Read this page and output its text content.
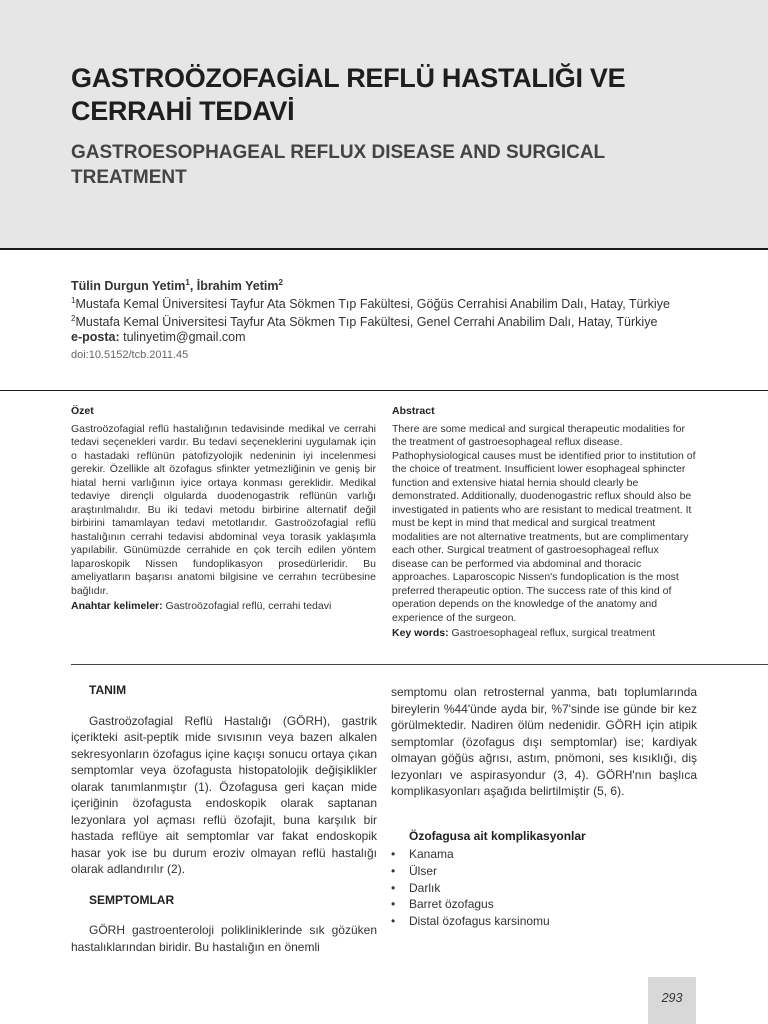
GASTROÖZOFAGİAL REFLÜ HASTALIĞI VE CERRAHİ TEDAVİ
GASTROESOPHAGEAL REFLUX DISEASE AND SURGICAL TREATMENT
Tülin Durgun Yetim$^1$, İbrahim Yetim$^2$
$^1$Mustafa Kemal Üniversitesi Tayfur Ata Sökmen Tıp Fakültesi, Göğüs Cerrahisi Anabilim Dalı, Hatay, Türkiye
$^2$Mustafa Kemal Üniversitesi Tayfur Ata Sökmen Tıp Fakültesi, Genel Cerrahi Anabilim Dalı, Hatay, Türkiye
e-posta: tulinyetim@gmail.com
doi:10.5152/tcb.2011.45
Özet

Gastroözofagial reflü hastalığının tedavisinde medikal ve cerrahi tedavi seçenekleri vardır. Bu tedavi seçeneklerini uygulamak için o hastadaki reflünün patofizyolojik nedeninin iyi incelenmesi gerekir. Özellikle alt özofagus sfinkter yetmezliğinin ve geniş bir hiatal herni varlığının iyice ortaya konması gereklidir. Medikal tedaviye dirençli olgularda duodenogastrik reflünün varlığı araştırılmalıdır. Bu iki tedavi metodu birbirine alternatif değil birbirini tamamlayan tedavi metotlarıdır. Gastroözofagial reflü hastalığının cerrahi tedavisi abdominal veya torasik yaklaşımla yapılabilir. Günümüzde cerrahide en çok tercih edilen yöntem laparoskopik Nissen fundoplikasyon prosedürleridir. Bu ameliyatların başarısı anatomi bilgisine ve cerrahın tecrübesine bağlıdır.

Anahtar kelimeler: Gastroözofagial reflü, cerrahi tedavi
Abstract

There are some medical and surgical therapeutic modalities for the treatment of gastroesophageal reflux disease. Pathophysiological causes must be identified prior to institution of the choice of treatment. Insufficient lower esophageal sphincter function and extensive hiatal hernia should clearly be demonstrated. Additionally, duodenogastric reflux should also be investigated in patients who are resistant to medical treatment. It must be kept in mind that medical and surgical treatment modalities are not alternative treatments, but are complimentary each other. Surgical treatment of gastroesophageal reflux disease can be performed via abdominal and thoracic approaches. Laparoscopic Nissen's fundoplication is the most preferred therapeutic option. The success rate of this kind of operation depends on the knowledge of the anatomy and experience of the surgeon.

Key words: Gastroesophageal reflux, surgical treatment
TANIM

Gastroözofagial Reflü Hastalığı (GÖRH), gastrik içerikteki asit-peptik mide sıvısının veya bazen alkalen sekresyonların özofagus içine kaçışı sonucu ortaya çıkan semptomlar veya özofagusta histopatolojik değişiklikler olarak tanımlanmıştır (1). Özofagusa geri kaçan mide içeriğinin özofagusta endoskopik olarak saptanan lezyonlara yol açması reflü özofajit, buna karşılık bir hastada reflüye ait semptomlar var fakat endoskopik hasar yok ise bu durum eroziv olmayan reflü hastalığı olarak adlandırılır (2).

SEMPTOMLAR

GÖRH gastroenteroloji polikliniklerinde sık gözüken hastalıklarından biridir. Bu hastalığın en önemli

semptomu olan retrosternal yanma, batı toplumlarında bireylerin %44'ünde ayda bir, %7'sinde ise günde bir kez görülmektedir. Nadiren ölüm nedenidir. GÖRH için atipik semptomlar (özofagus dışı semptomlar) ise; kardiyak olmayan göğüs ağrısı, astım, pnömoni, ses kısıklığı, diş lezyonları ve aspirasyondur (3, 4). GÖRH'nın başlıca komplikasyonları aşağıda belirtilmiştir (5, 6).

Özofagusa ait komplikasyonlar
• Kanama
• Ülser
• Darlık
• Barret özofagus
• Distal özofagus karsinomu
293
